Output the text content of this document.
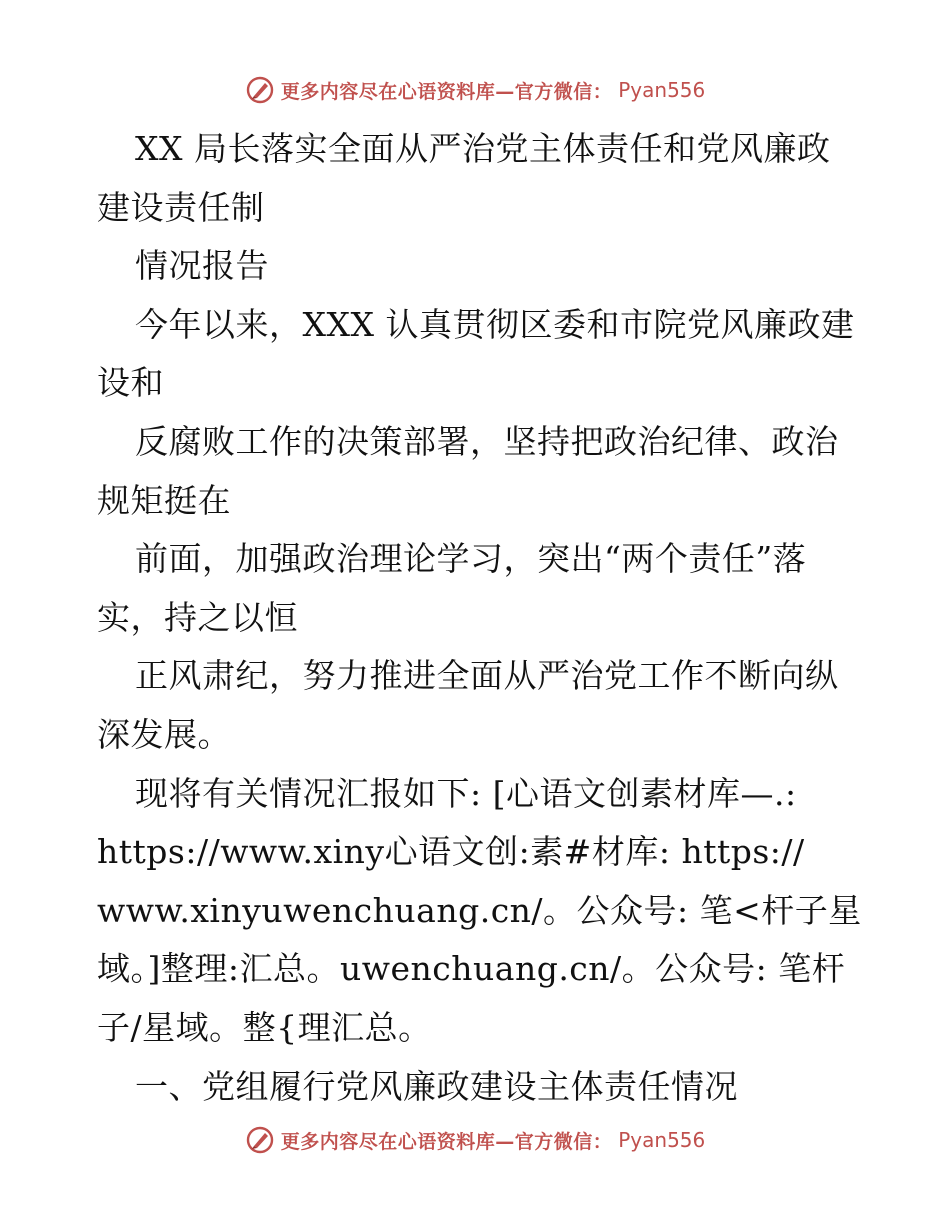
更多内容尽在心语资料库—官方微信： Pyan556
XX 局长落实全面从严治党主体责任和党风廉政
建设责任制
情况报告
今年以来，XXX 认真贯彻区委和市院党风廉政建
设和
反腐败工作的决策部署，坚持把政治纪律、政治
规矩挺在
前面，加强政治理论学习，突出“两个责任”落
实，持之以恒
正风肃纪，努力推进全面从严治党工作不断向纵
深发展。
现将有关情况汇报如下: [心语文创素材库—.:
https://www.xiny心语文创:素#材库: https://
www.xinyuwenchuang.cn/。公众号: 笔<杆子星
域。]整理:汇总。uwenchuang.cn/。公众号: 笔杆
子/星域。整{理汇总。
一、党组履行党风廉政建设主体责任情况
更多内容尽在心语资料库—官方微信： Pyan556
